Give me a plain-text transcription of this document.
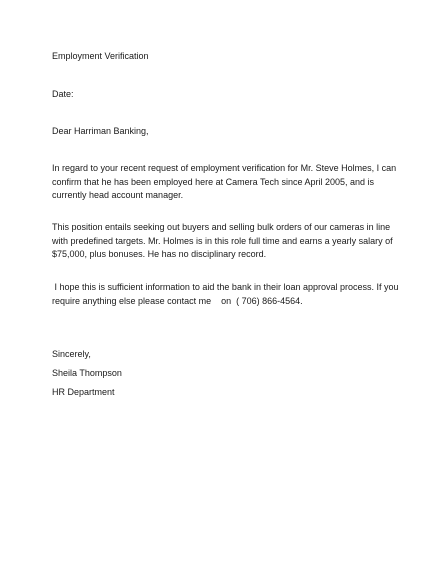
Employment Verification
Date:
Dear Harriman Banking,
In regard to your recent request of employment verification for Mr. Steve Holmes, I can
confirm that he has been employed here at Camera Tech since April 2005, and is
currently head account manager.
This position entails seeking out buyers and selling bulk orders of our cameras in line
with predefined targets. Mr. Holmes is in this role full time and earns a yearly salary of
$75,000, plus bonuses. He has no disciplinary record.
I hope this is sufficient information to aid the bank in their loan approval process. If you
require anything else please contact me    on  ( 706) 866-4564.
Sincerely,
Sheila Thompson
HR Department
